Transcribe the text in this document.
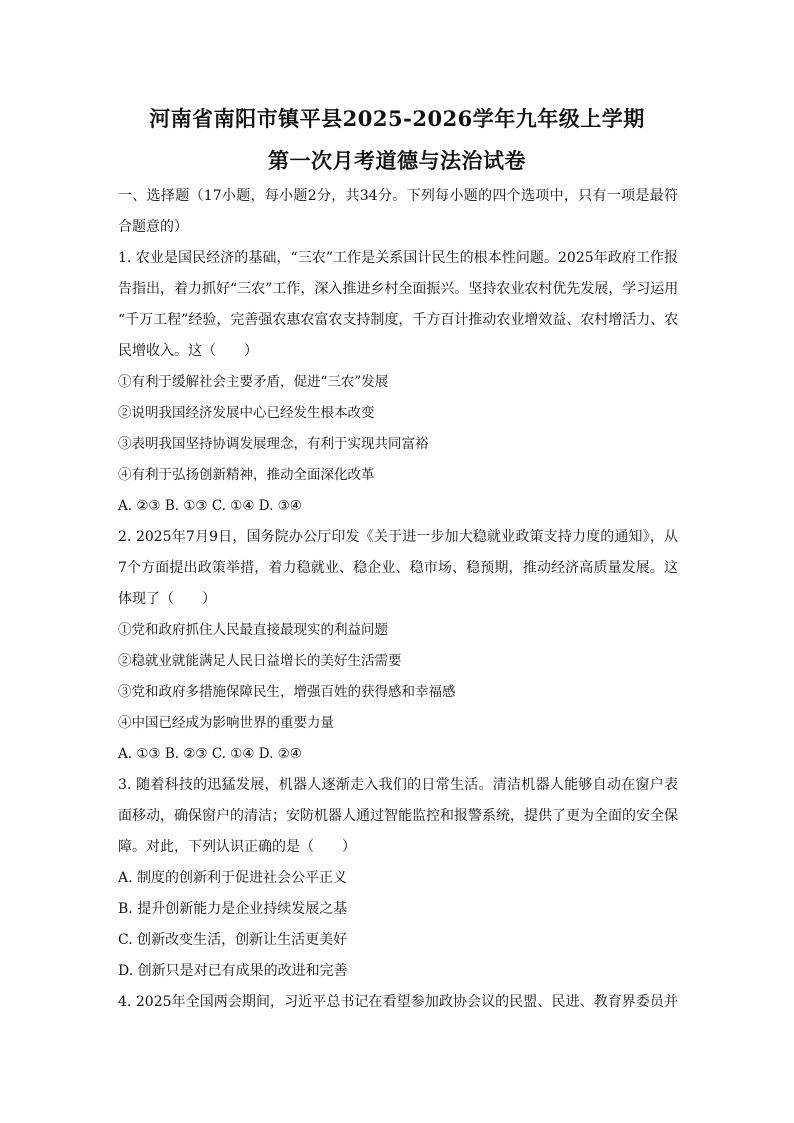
河南省南阳市镇平县2025-2026学年九年级上学期
第一次月考道德与法治试卷
一、选择题（17小题，每小题2分，共34分。下列每小题的四个选项中，只有一项是最符
合题意的）
1. 农业是国民经济的基础，“三农”工作是关系国计民生的根本性问题。2025年政府工作报
告指出，着力抓好“三农”工作，深入推进乡村全面振兴。坚持农业农村优先发展，学习运用
“千万工程”经验，完善强农惠农富农支持制度，千方百计推动农业增效益、农村增活力、农
民增收入。这（　　）
①有利于缓解社会主要矛盾，促进“三农”发展
②说明我国经济发展中心已经发生根本改变
③表明我国坚持协调发展理念，有利于实现共同富裕
④有利于弘扬创新精神，推动全面深化改革
A. ②③ B. ①③ C. ①④ D. ③④
2. 2025年7月9日，国务院办公厅印发《关于进一步加大稳就业政策支持力度的通知》，从
7个方面提出政策举措，着力稳就业、稳企业、稳市场、稳预期，推动经济高质量发展。这
体现了（　　）
①党和政府抓住人民最直接最现实的利益问题
②稳就业就能满足人民日益增长的美好生活需要
③党和政府多措施保障民生，增强百姓的获得感和幸福感
④中国已经成为影响世界的重要力量
A. ①③ B. ②③ C. ①④ D. ②④
3. 随着科技的迅猛发展，机器人逐渐走入我们的日常生活。清洁机器人能够自动在窗户表
面移动，确保窗户的清洁；安防机器人通过智能监控和报警系统，提供了更为全面的安全保
障。对此，下列认识正确的是（　　）
A. 制度的创新利于促进社会公平正义
B. 提升创新能力是企业持续发展之基
C. 创新改变生活，创新让生活更美好
D. 创新只是对已有成果的改进和完善
4. 2025年全国两会期间，习近平总书记在看望参加政协会议的民盟、民进、教育界委员并
